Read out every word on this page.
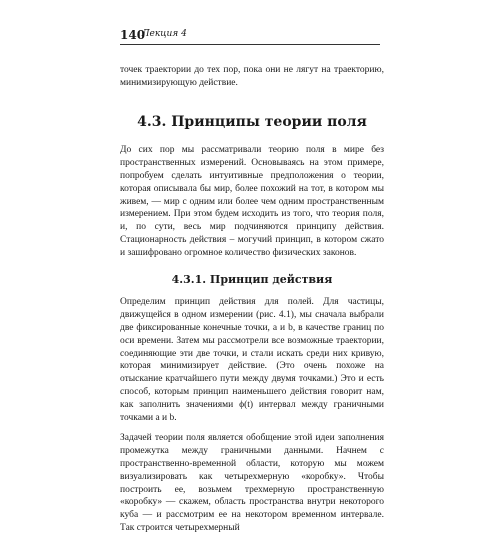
140
Лекция 4

точек траектории до тех пор, пока они не лягут на траекторию, минимизирующую действие.

4.3. Принципы теории поля

До сих пор мы рассматривали теорию поля в мире без пространственных измерений. Основываясь на этом примере, попробуем сделать интуитивные предположения о теории, которая описывала бы мир, более похожий на тот, в котором мы живем, — мир с одним или более чем одним пространственным измерением. При этом будем исходить из того, что теория поля, и, по сути, весь мир подчиняются принципу действия. Стационарность действия – могучий принцип, в котором сжато и зашифровано огромное количество физических законов.

4.3.1. Принцип действия

Определим принцип действия для полей. Для частицы, движущейся в одном измерении (рис. 4.1), мы сначала выбрали две фиксированные конечные точки, a и b, в качестве границ по оси времени. Затем мы рассмотрели все возможные траектории, соединяющие эти две точки, и стали искать среди них кривую, которая минимизирует действие. (Это очень похоже на отыскание кратчайшего пути между двумя точками.) Это и есть способ, которым принцип наименьшего действия говорит нам, как заполнить значениями ϕ(t) интервал между граничными точками a и b.

Задачей теории поля является обобщение этой идеи заполнения промежутка между граничными данными. Начнем с пространственно-временной области, которую мы можем визуализировать как четырехмерную «коробку». Чтобы построить ее, возьмем трехмерную пространственную «коробку» — скажем, область пространства внутри некоторого куба — и рассмотрим ее на некотором временном интервале. Так строится четырехмерный
